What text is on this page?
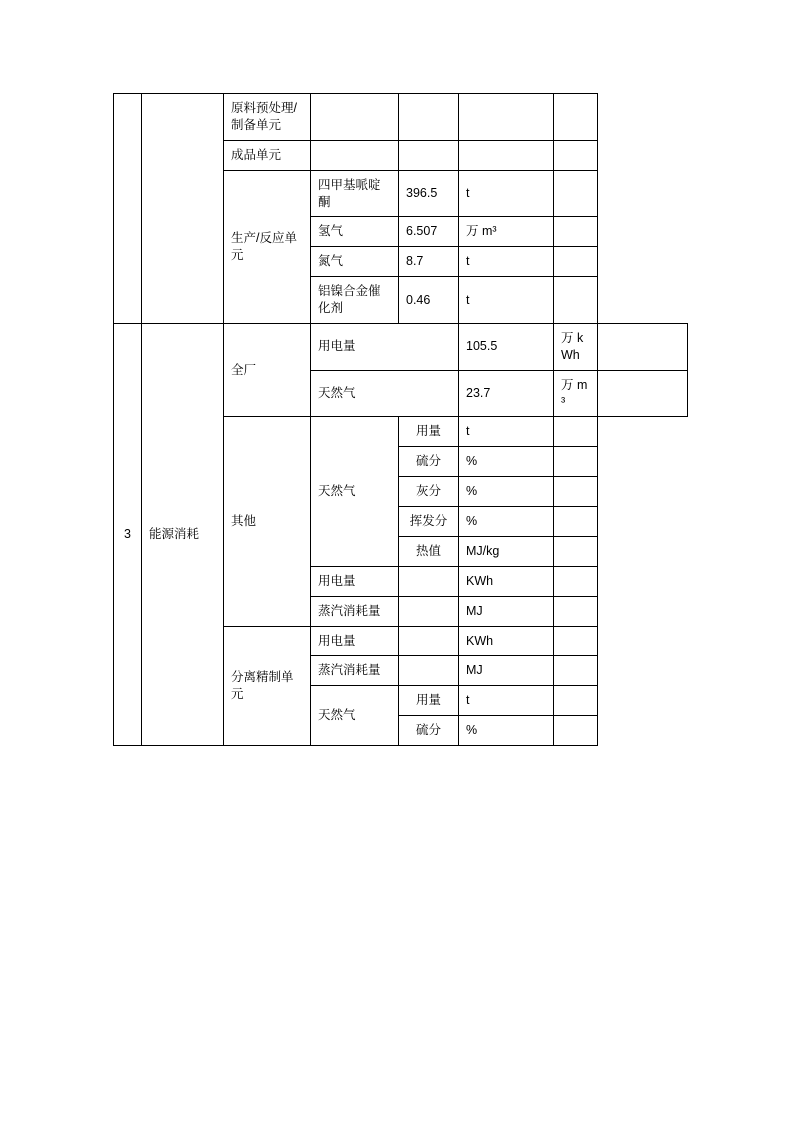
		原料预处理/制备单元					
		成品单元					
		生产/反应单元	四甲基哌啶酮	396.5	t		
			氢气	6.507	万 m³		
			氮气	8.7	t		
			铝镍合金催化剂	0.46	t		
3	能源消耗	全厂	用电量		105.5	万 kWh	
			天然气		23.7	万 m³	
		其他	天然气	用量	t		
				硫分	%		
				灰分	%		
				挥发分	%		
				热值	MJ/kg		
			用电量		KWh		
			蒸汽消耗量		MJ		
		分离精制单元	用电量		KWh		
			蒸汽消耗量		MJ		
			天然气	用量	t		
				硫分	%		
